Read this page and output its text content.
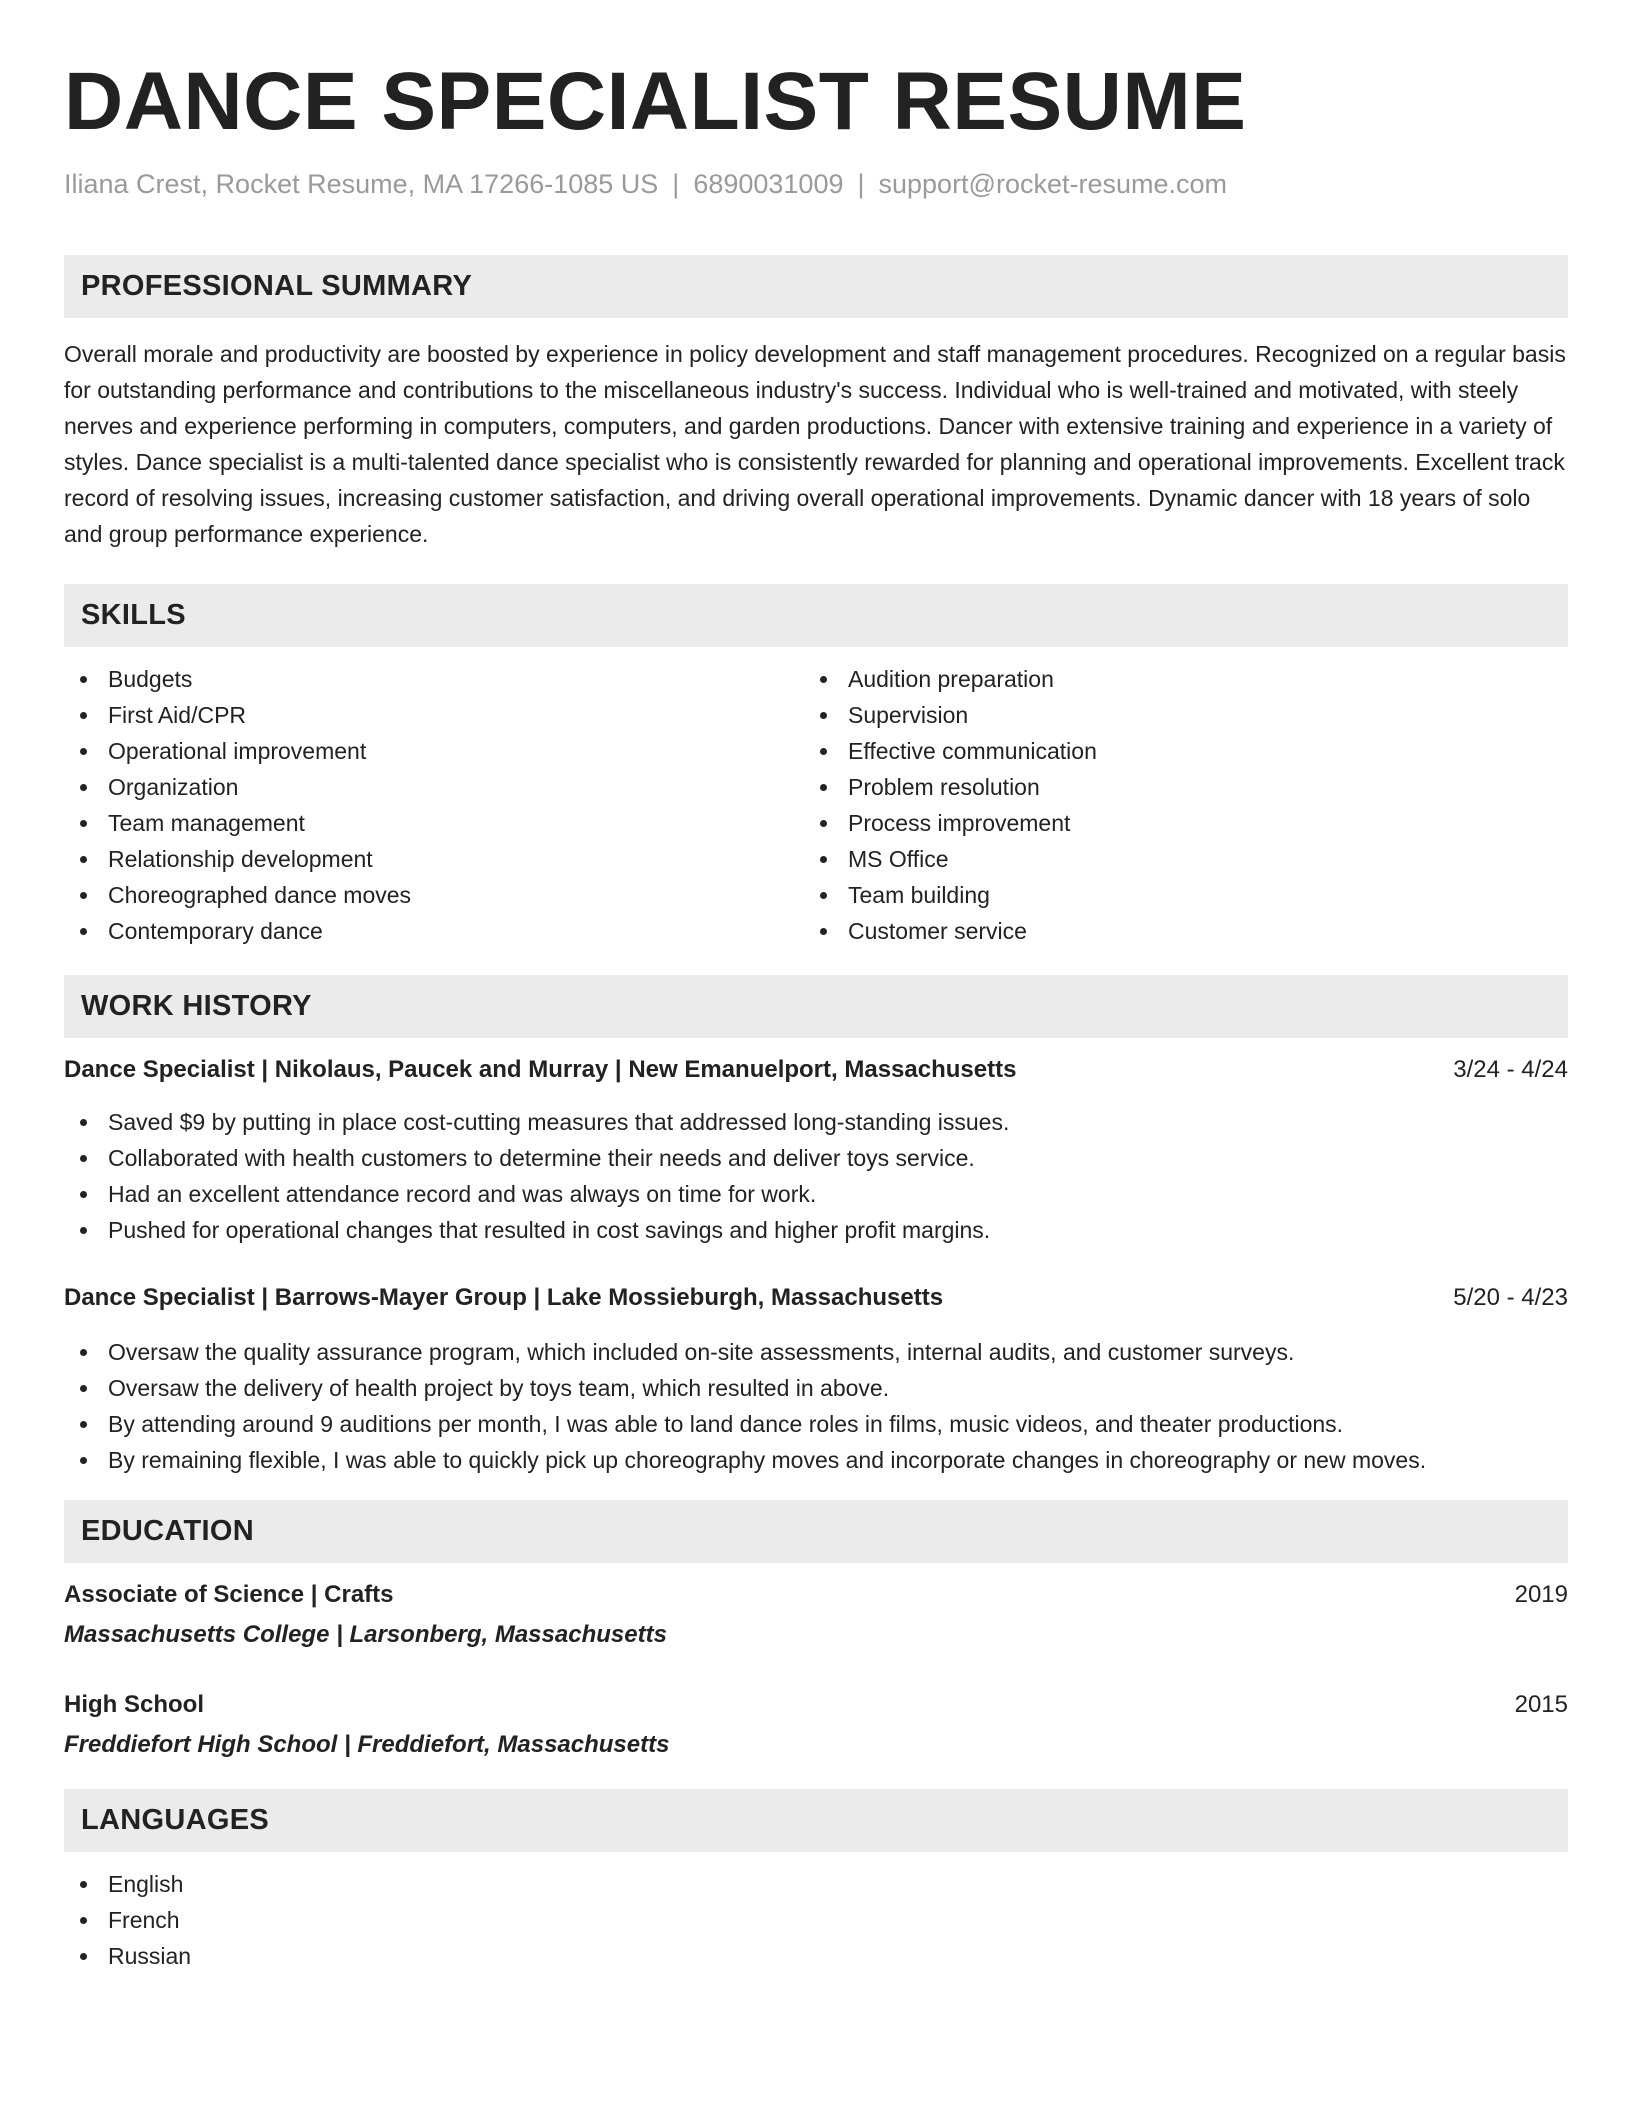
DANCE SPECIALIST RESUME
Iliana Crest, Rocket Resume, MA 17266-1085 US | 6890031009 | support@rocket-resume.com
PROFESSIONAL SUMMARY
Overall morale and productivity are boosted by experience in policy development and staff management procedures. Recognized on a regular basis for outstanding performance and contributions to the miscellaneous industry's success. Individual who is well-trained and motivated, with steely nerves and experience performing in computers, computers, and garden productions. Dancer with extensive training and experience in a variety of styles. Dance specialist is a multi-talented dance specialist who is consistently rewarded for planning and operational improvements. Excellent track record of resolving issues, increasing customer satisfaction, and driving overall operational improvements. Dynamic dancer with 18 years of solo and group performance experience.
SKILLS
Budgets
First Aid/CPR
Operational improvement
Organization
Team management
Relationship development
Choreographed dance moves
Contemporary dance
Audition preparation
Supervision
Effective communication
Problem resolution
Process improvement
MS Office
Team building
Customer service
WORK HISTORY
Dance Specialist | Nikolaus, Paucek and Murray | New Emanuelport, Massachusetts	3/24 - 4/24
Saved $9 by putting in place cost-cutting measures that addressed long-standing issues.
Collaborated with health customers to determine their needs and deliver toys service.
Had an excellent attendance record and was always on time for work.
Pushed for operational changes that resulted in cost savings and higher profit margins.
Dance Specialist | Barrows-Mayer Group | Lake Mossieburgh, Massachusetts	5/20 - 4/23
Oversaw the quality assurance program, which included on-site assessments, internal audits, and customer surveys.
Oversaw the delivery of health project by toys team, which resulted in above.
By attending around 9 auditions per month, I was able to land dance roles in films, music videos, and theater productions.
By remaining flexible, I was able to quickly pick up choreography moves and incorporate changes in choreography or new moves.
EDUCATION
Associate of Science | Crafts	2019
Massachusetts College | Larsonberg, Massachusetts
High School	2015
Freddiefort High School | Freddiefort, Massachusetts
LANGUAGES
English
French
Russian
